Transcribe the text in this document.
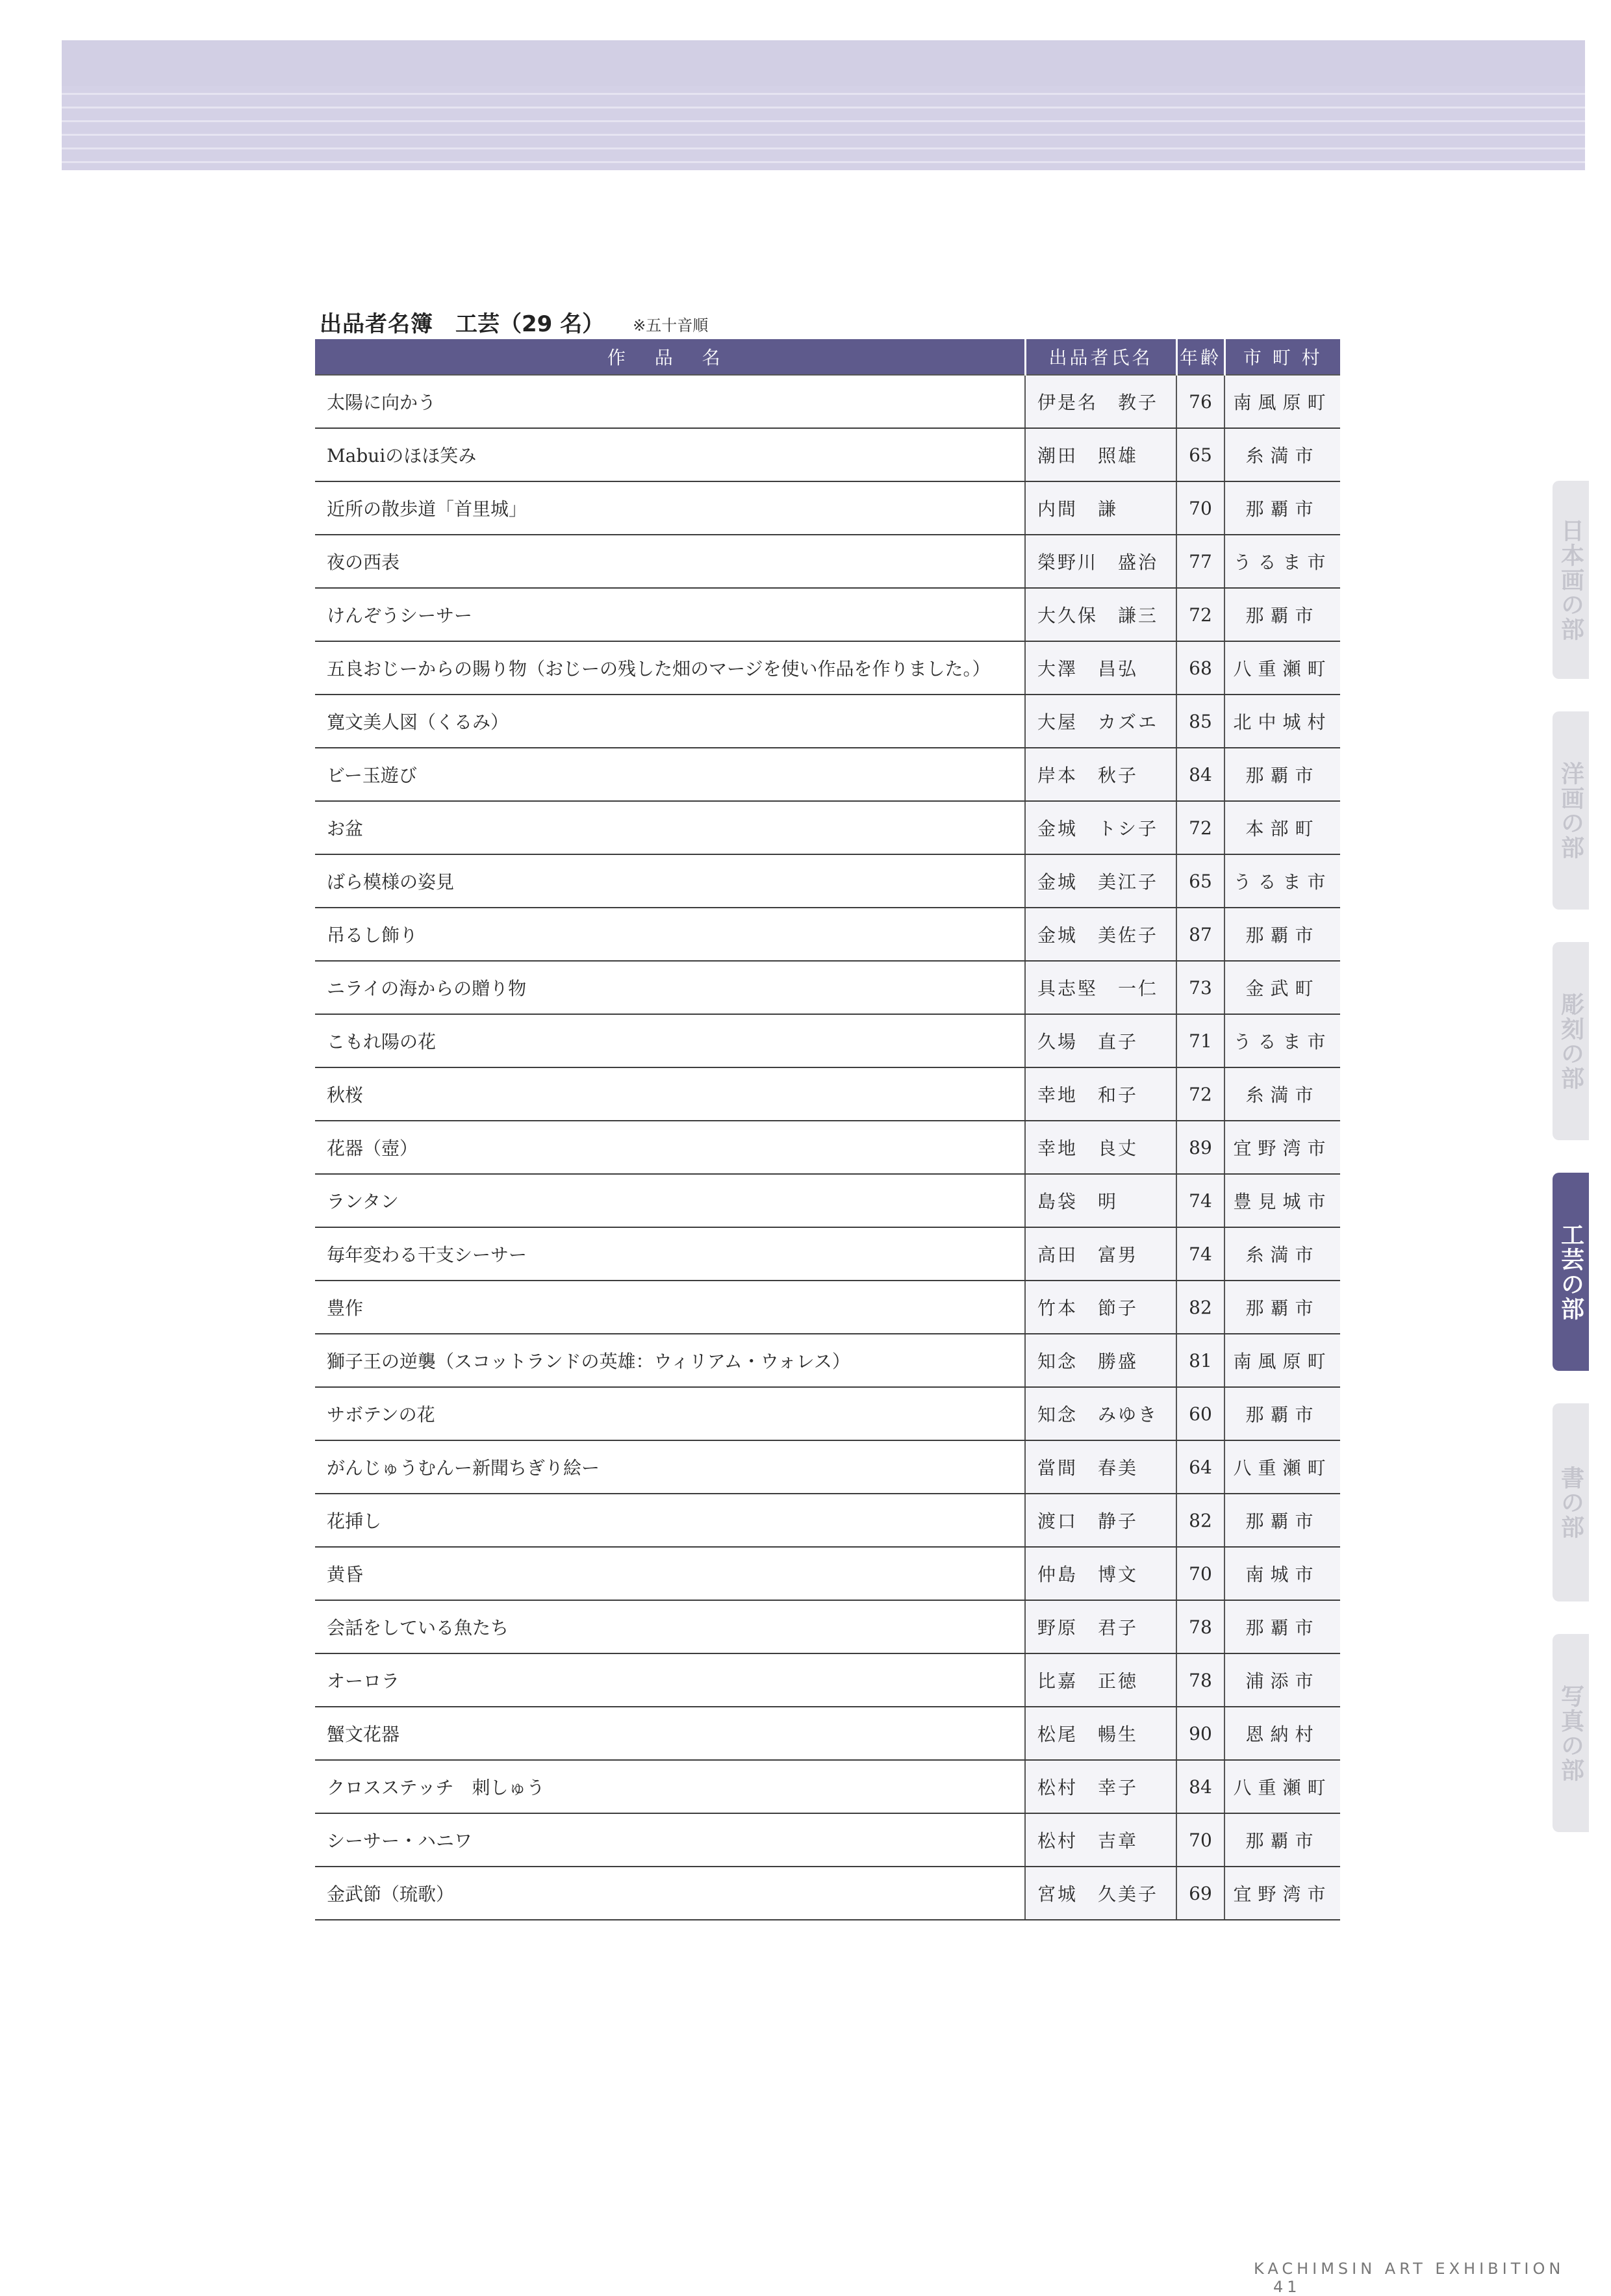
出品者名簿 工芸（29 名） ※五十音順
作 品 名	出品者氏名	年齢	市 町 村
太陽に向かう	伊是名　教子	76	南風原町
Mabuiのほほ笑み	潮田　照雄	65	糸満市
近所の散歩道「首里城」	内間　謙	70	那覇市
夜の西表	榮野川　盛治	77	うるま市
けんぞうシーサー	大久保　謙三	72	那覇市
五良おじーからの賜り物（おじーの残した畑のマージを使い作品を作りました。）	大澤　昌弘	68	八重瀬町
寛文美人図（くるみ）	大屋　カズエ	85	北中城村
ビー玉遊び	岸本　秋子	84	那覇市
お盆	金城　トシ子	72	本部町
ばら模様の姿見	金城　美江子	65	うるま市
吊るし飾り	金城　美佐子	87	那覇市
ニライの海からの贈り物	具志堅　一仁	73	金武町
こもれ陽の花	久場　直子	71	うるま市
秋桜	幸地　和子	72	糸満市
花器（壺）	幸地　良丈	89	宜野湾市
ランタン	島袋　明	74	豊見城市
毎年変わる干支シーサー	高田　富男	74	糸満市
豊作	竹本　節子	82	那覇市
獅子王の逆襲（スコットランドの英雄：ウィリアム・ウォレス）	知念　勝盛	81	南風原町
サボテンの花	知念　みゆき	60	那覇市
がんじゅうむんー新聞ちぎり絵ー	當間　春美	64	八重瀬町
花挿し	渡口　静子	82	那覇市
黄昏	仲島　博文	70	南城市
会話をしている魚たち	野原　君子	78	那覇市
オーロラ	比嘉　正徳	78	浦添市
蟹文花器	松尾　暢生	90	恩納村
クロスステッチ　刺しゅう	松村　幸子	84	八重瀬町
シーサー・ハニワ	松村　吉章	70	那覇市
金武節（琉歌）	宮城　久美子	69	宜野湾市
日本画の部
洋画の部
彫刻の部
工芸の部
書の部
写真の部
KACHIMSIN ART EXHIBITION 41
